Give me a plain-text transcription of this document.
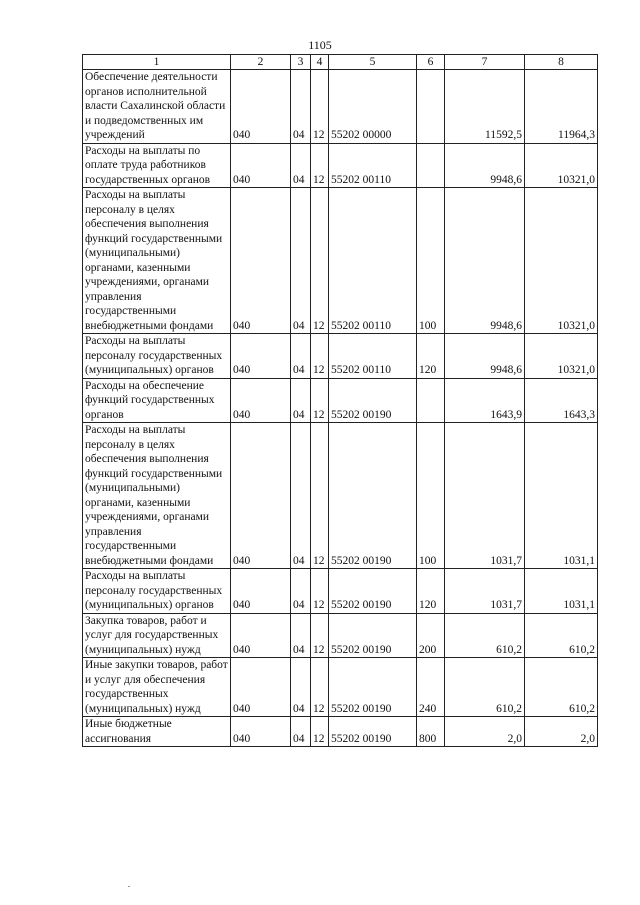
1105
1	2	3	4	5	6	7	8
Обеспечение деятельности органов исполнительной власти Сахалинской области и подведомственных им учреждений	040	04	12	55202 00000		11592,5	11964,3
Расходы на выплаты по оплате труда работников государственных органов	040	04	12	55202 00110		9948,6	10321,0
Расходы на выплаты персоналу в целях обеспечения выполнения функций государственными (муниципальными) органами, казенными учреждениями, органами управления государственными внебюджетными фондами	040	04	12	55202 00110	100	9948,6	10321,0
Расходы на выплаты персоналу государственных (муниципальных) органов	040	04	12	55202 00110	120	9948,6	10321,0
Расходы на обеспечение функций государственных органов	040	04	12	55202 00190		1643,9	1643,3
Расходы на выплаты персоналу в целях обеспечения выполнения функций государственными (муниципальными) органами, казенными учреждениями, органами управления государственными внебюджетными фондами	040	04	12	55202 00190	100	1031,7	1031,1
Расходы на выплаты персоналу государственных (муниципальных) органов	040	04	12	55202 00190	120	1031,7	1031,1
Закупка товаров, работ и услуг для государственных (муниципальных) нужд	040	04	12	55202 00190	200	610,2	610,2
Иные закупки товаров, работ и услуг для обеспечения государственных (муниципальных) нужд	040	04	12	55202 00190	240	610,2	610,2
Иные бюджетные ассигнования	040	04	12	55202 00190	800	2,0	2,0
